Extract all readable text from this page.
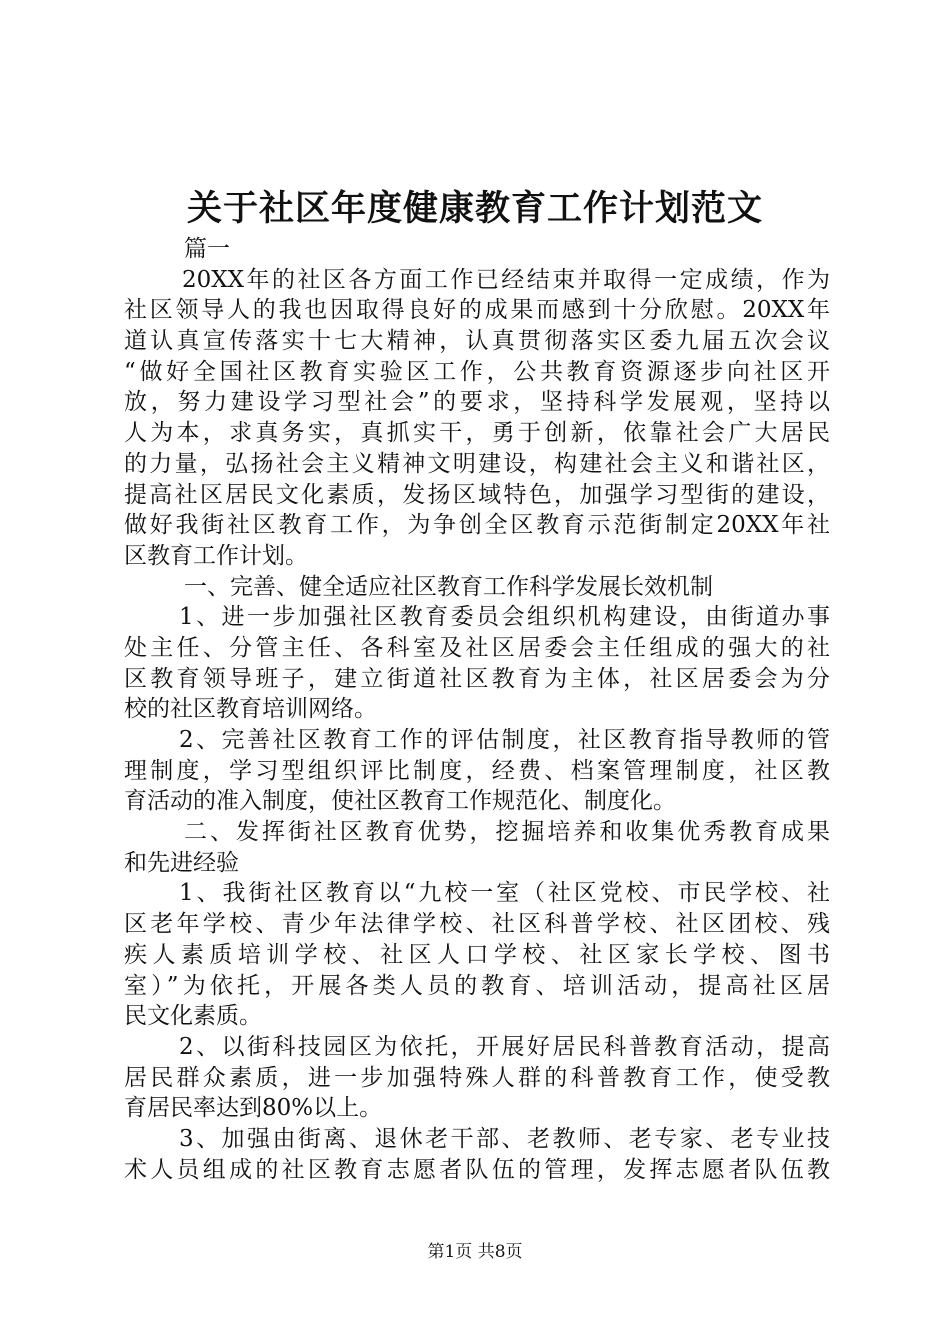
关于社区年度健康教育工作计划范文
篇一
20XX年的社区各方面工作已经结束并取得一定成绩，作为
社区领导人的我也因取得良好的成果而感到十分欣慰。20XX年
道认真宣传落实十七大精神，认真贯彻落实区委九届五次会议
“做好全国社区教育实验区工作，公共教育资源逐步向社区开
放，努力建设学习型社会”的要求，坚持科学发展观，坚持以
人为本，求真务实，真抓实干，勇于创新，依靠社会广大居民
的力量，弘扬社会主义精神文明建设，构建社会主义和谐社区，
提高社区居民文化素质，发扬区域特色，加强学习型街的建设，
做好我街社区教育工作，为争创全区教育示范街制定20XX年社
区教育工作计划。
一、完善、健全适应社区教育工作科学发展长效机制
1、进一步加强社区教育委员会组织机构建设，由街道办事
处主任、分管主任、各科室及社区居委会主任组成的强大的社
区教育领导班子，建立街道社区教育为主体，社区居委会为分
校的社区教育培训网络。
2、完善社区教育工作的评估制度，社区教育指导教师的管
理制度，学习型组织评比制度，经费、档案管理制度，社区教
育活动的准入制度，使社区教育工作规范化、制度化。
二、发挥街社区教育优势，挖掘培养和收集优秀教育成果
和先进经验
1、我街社区教育以“九校一室（社区党校、市民学校、社
区老年学校、青少年法律学校、社区科普学校、社区团校、残
疾人素质培训学校、社区人口学校、社区家长学校、图书
室）”为依托，开展各类人员的教育、培训活动，提高社区居
民文化素质。
2、以街科技园区为依托，开展好居民科普教育活动，提高
居民群众素质，进一步加强特殊人群的科普教育工作，使受教
育居民率达到80%以上。
3、加强由街离、退休老干部、老教师、老专家、老专业技
术人员组成的社区教育志愿者队伍的管理，发挥志愿者队伍教
第1页 共8页
